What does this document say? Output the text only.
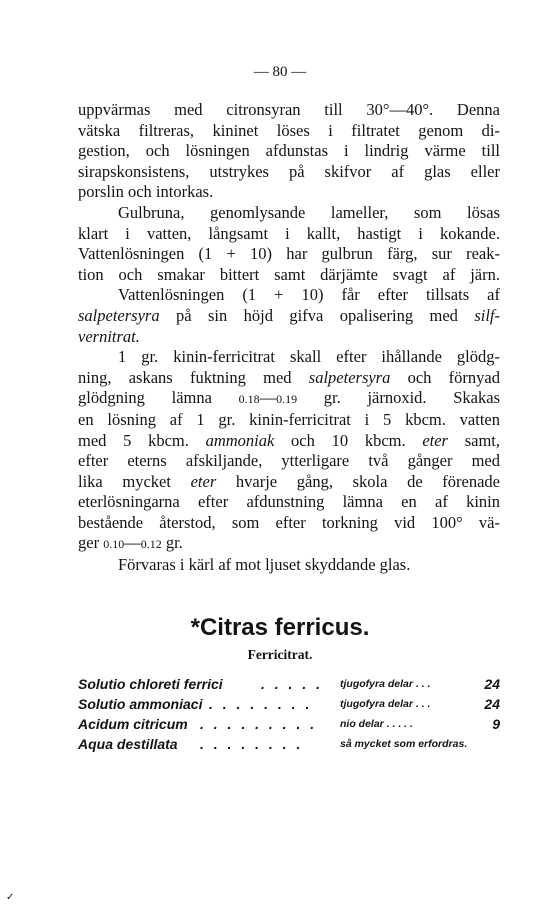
— 80 —
uppvärmas med citronsyran till 30°—40°. Denna
vätska filtreras, kininet löses i filtratet genom di-
gestion, och lösningen afdunstas i lindrig värme till
sirapskonsistens, utstrykes på skifvor af glas eller
porslin och intorkas.
Gulbruna, genomlysande lameller, som lösas
klart i vatten, långsamt i kallt, hastigt i kokande.
Vattenlösningen (1 + 10) har gulbrun färg, sur reak-
tion och smakar bittert samt därjämte svagt af järn.
Vattenlösningen (1 + 10) får efter tillsats af
salpetersyra på sin höjd gifva opalisering med silf-
vernitrat.
1 gr. kinin-ferricitrat skall efter ihållande glödg-
ning, askans fuktning med salpetersyra och förnyad
glödgning lämna 0.18—0.19 gr. järnoxid. Skakas
en lösning af 1 gr. kinin-ferricitrat i 5 kbcm. vatten
med 5 kbcm. ammoniak och 10 kbcm. eter samt,
efter eterns afskiljande, ytterligare två gånger med
lika mycket eter hvarje gång, skola de förenade
eterlösningarna efter afdunstning lämna en af kinin
bestående återstod, som efter torkning vid 100° vä-
ger 0.10—0.12 gr.
Förvaras i kärl af mot ljuset skyddande glas.
*Citras ferricus.
Ferricitrat.
Solutio chloreti ferrici	. . . . . tjugofyra delar . . .	24
Solutio ammoniaci . . . . . . . .	tjugofyra delar . . .	24
Acidum citricum . . . . . . . . . nio delar . . . . .	9
Aqua destillata . . . . . . . .	så mycket som erfordras.
✓
